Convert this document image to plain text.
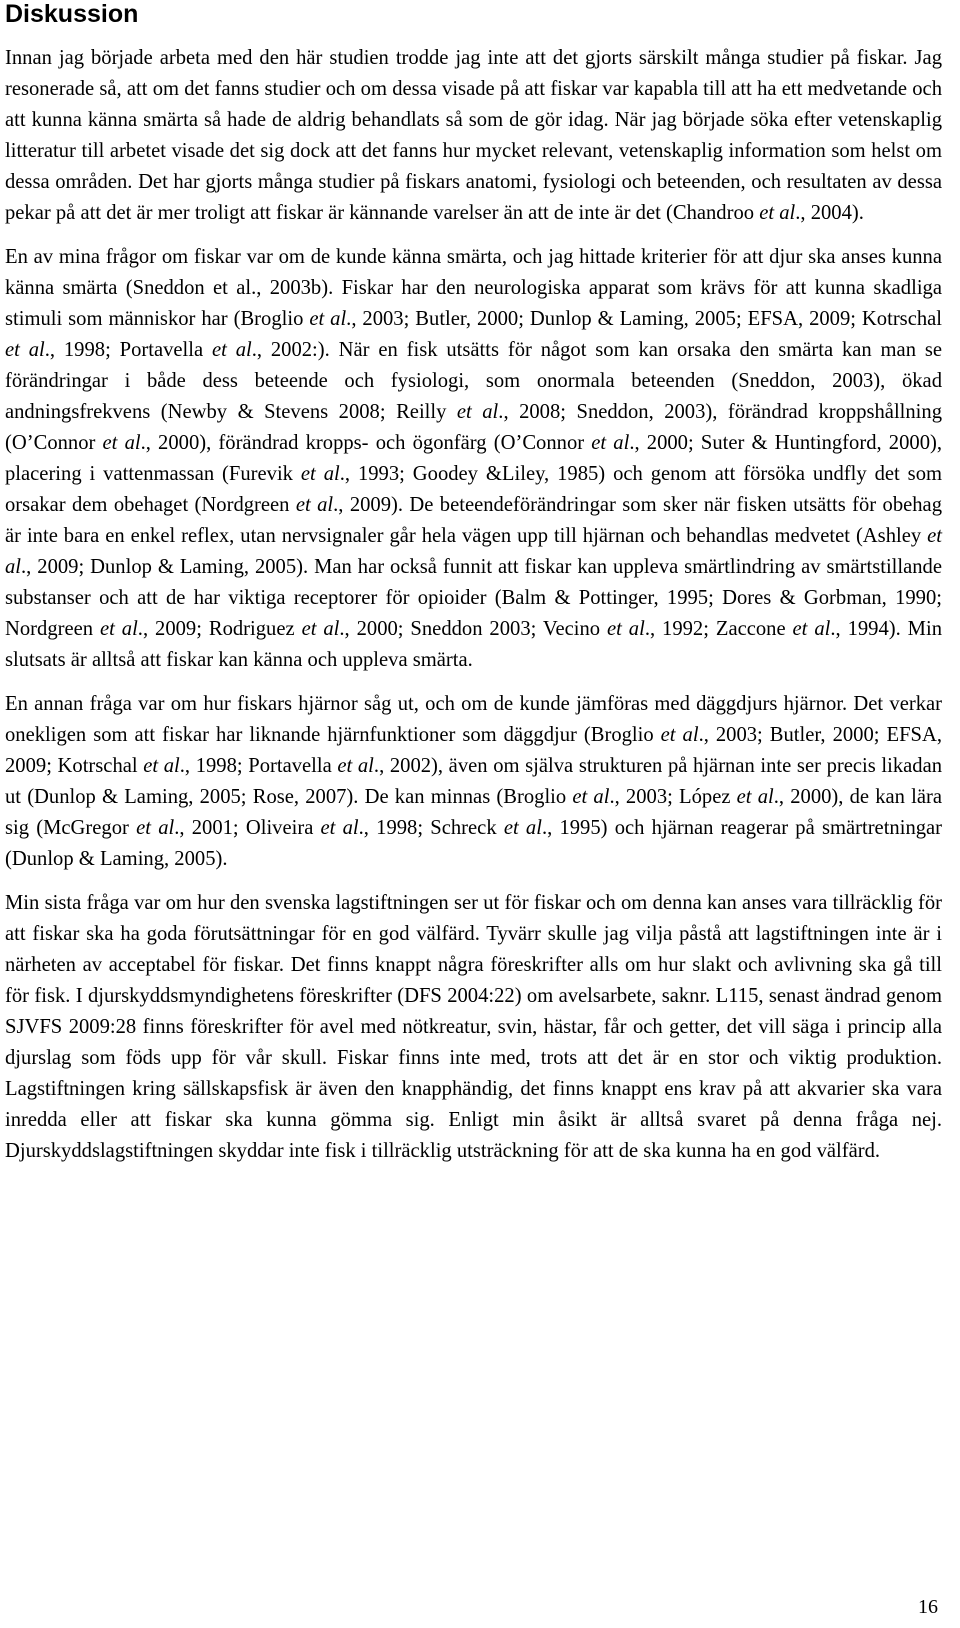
Diskussion

Innan jag började arbeta med den här studien trodde jag inte att det gjorts särskilt många studier på fiskar. Jag resonerade så, att om det fanns studier och om dessa visade på att fiskar var kapabla till att ha ett medvetande och att kunna känna smärta så hade de aldrig behandlats så som de gör idag. När jag började söka efter vetenskaplig litteratur till arbetet visade det sig dock att det fanns hur mycket relevant, vetenskaplig information som helst om dessa områden. Det har gjorts många studier på fiskars anatomi, fysiologi och beteenden, och resultaten av dessa pekar på att det är mer troligt att fiskar är kännande varelser än att de inte är det (Chandroo et al., 2004).

En av mina frågor om fiskar var om de kunde känna smärta, och jag hittade kriterier för att djur ska anses kunna känna smärta (Sneddon et al., 2003b). Fiskar har den neurologiska apparat som krävs för att kunna skadliga stimuli som människor har (Broglio et al., 2003; Butler, 2000; Dunlop & Laming, 2005; EFSA, 2009; Kotrschal et al., 1998; Portavella et al., 2002:). När en fisk utsätts för något som kan orsaka den smärta kan man se förändringar i både dess beteende och fysiologi, som onormala beteenden (Sneddon, 2003), ökad andningsfrekvens (Newby & Stevens 2008; Reilly et al., 2008; Sneddon, 2003), förändrad kroppshållning (O’Connor et al., 2000), förändrad kropps- och ögonfärg (O’Connor et al., 2000; Suter & Huntingford, 2000), placering i vattenmassan (Furevik et al., 1993; Goodey &Liley, 1985) och genom att försöka undfly det som orsakar dem obehaget (Nordgreen et al., 2009). De beteendeförändringar som sker när fisken utsätts för obehag är inte bara en enkel reflex, utan nervsignaler går hela vägen upp till hjärnan och behandlas medvetet (Ashley et al., 2009; Dunlop & Laming, 2005). Man har också funnit att fiskar kan uppleva smärtlindring av smärtstillande substanser och att de har viktiga receptorer för opioider (Balm & Pottinger, 1995; Dores & Gorbman, 1990; Nordgreen et al., 2009; Rodriguez et al., 2000; Sneddon 2003; Vecino et al., 1992; Zaccone et al., 1994). Min slutsats är alltså att fiskar kan känna och uppleva smärta.

En annan fråga var om hur fiskars hjärnor såg ut, och om de kunde jämföras med däggdjurs hjärnor. Det verkar onekligen som att fiskar har liknande hjärnfunktioner som däggdjur (Broglio et al., 2003; Butler, 2000; EFSA, 2009; Kotrschal et al., 1998; Portavella et al., 2002), även om själva strukturen på hjärnan inte ser precis likadan ut (Dunlop & Laming, 2005; Rose, 2007). De kan minnas (Broglio et al., 2003; López et al., 2000), de kan lära sig (McGregor et al., 2001; Oliveira et al., 1998; Schreck et al., 1995) och hjärnan reagerar på smärtretningar (Dunlop & Laming, 2005).

Min sista fråga var om hur den svenska lagstiftningen ser ut för fiskar och om denna kan anses vara tillräcklig för att fiskar ska ha goda förutsättningar för en god välfärd. Tyvärr skulle jag vilja påstå att lagstiftningen inte är i närheten av acceptabel för fiskar. Det finns knappt några föreskrifter alls om hur slakt och avlivning ska gå till för fisk. I djurskyddsmyndighetens föreskrifter (DFS 2004:22) om avelsarbete, saknr. L115, senast ändrad genom SJVFS 2009:28 finns föreskrifter för avel med nötkreatur, svin, hästar, får och getter, det vill säga i princip alla djurslag som föds upp för vår skull. Fiskar finns inte med, trots att det är en stor och viktig produktion. Lagstiftningen kring sällskapsfisk är även den knapphändig, det finns knappt ens krav på att akvarier ska vara inredda eller att fiskar ska kunna gömma sig. Enligt min åsikt är alltså svaret på denna fråga nej. Djurskyddslagstiftningen skyddar inte fisk i tillräcklig utsträckning för att de ska kunna ha en god välfärd.

16
